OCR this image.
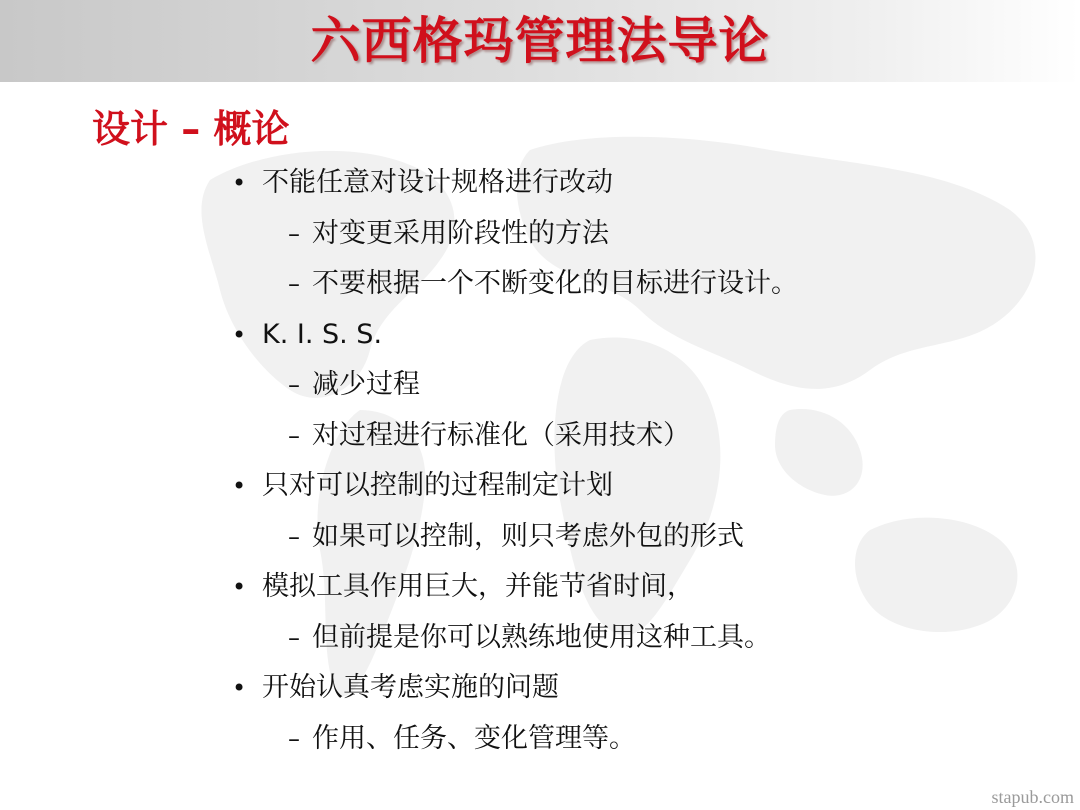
六西格玛管理法导论
设计 – 概论
• 不能任意对设计规格进行改动
– 对变更采用阶段性的方法
– 不要根据一个不断变化的目标进行设计。
• K. I. S. S.
– 减少过程
– 对过程进行标准化（采用技术）
• 只对可以控制的过程制定计划
– 如果可以控制，则只考虑外包的形式
• 模拟工具作用巨大，并能节省时间，
– 但前提是你可以熟练地使用这种工具。
• 开始认真考虑实施的问题
– 作用、任务、变化管理等。
stapub.com
